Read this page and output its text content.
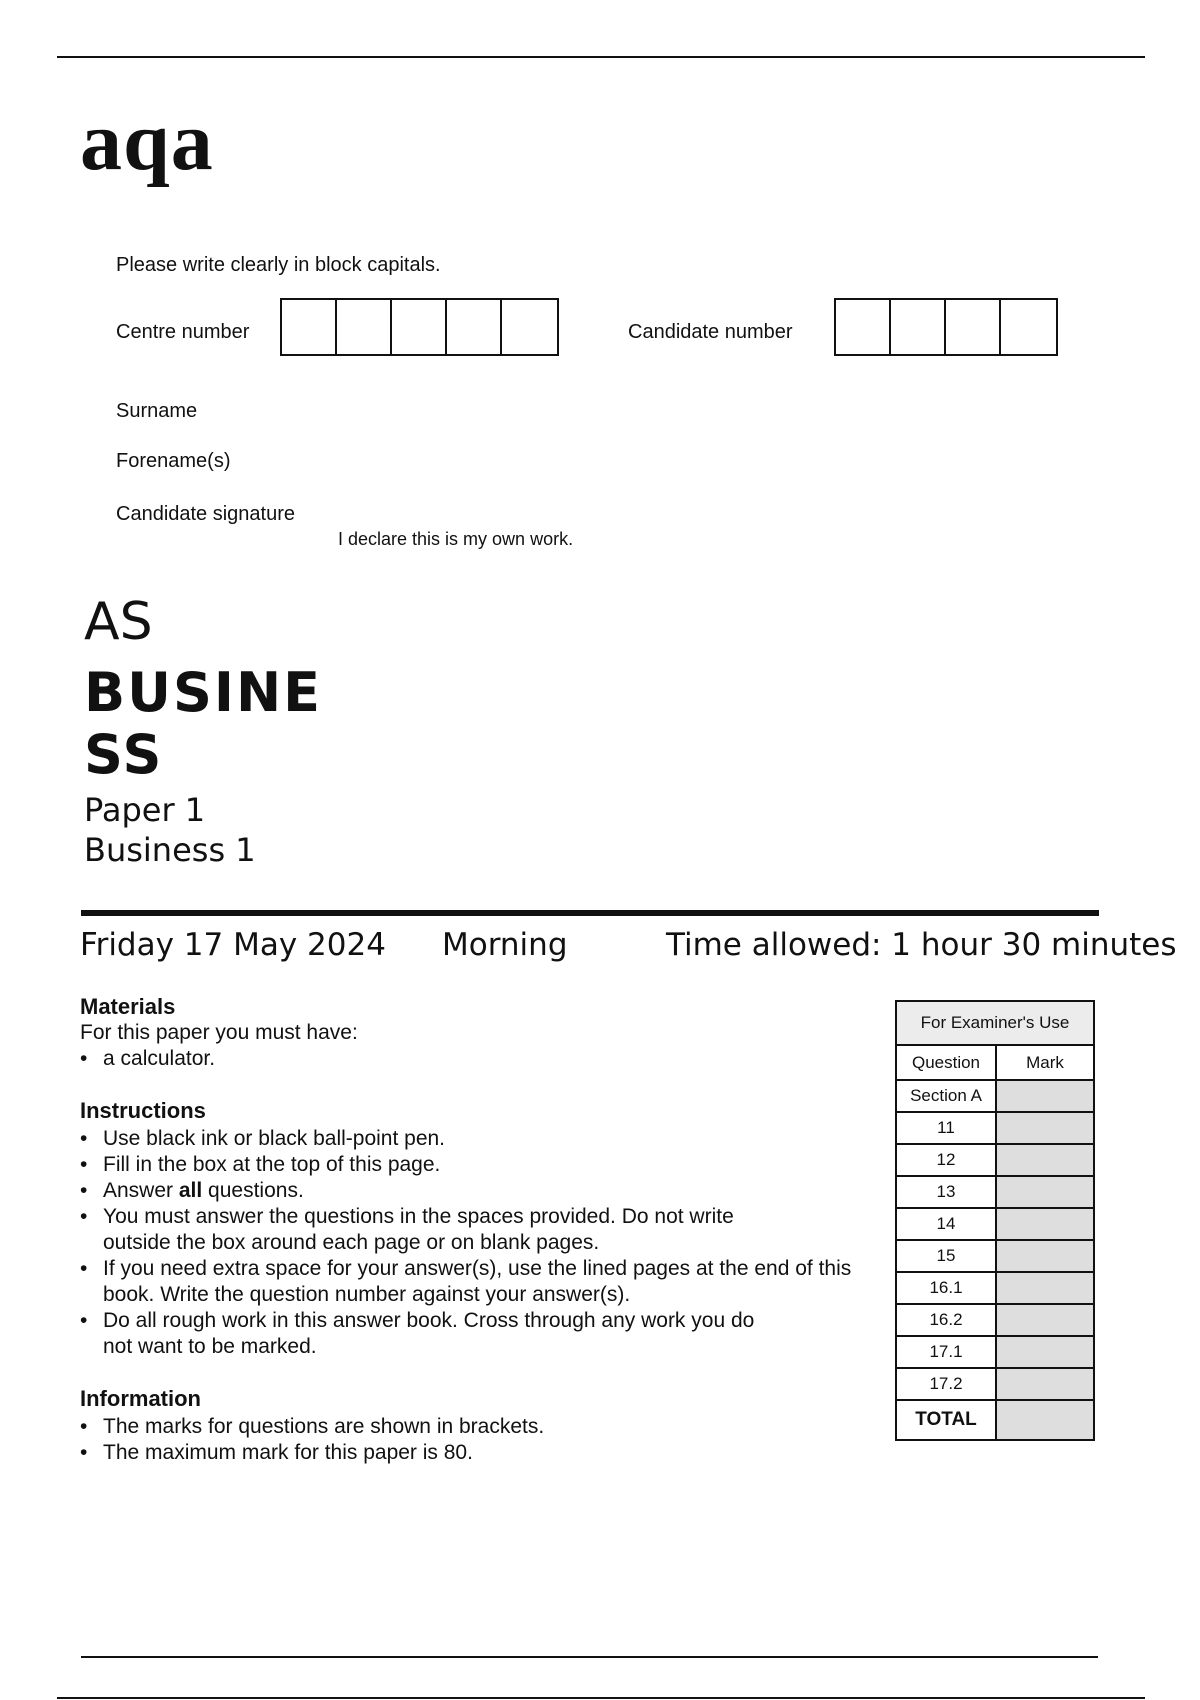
aqa
Please write clearly in block capitals.
Centre number	Candidate number
Surname
Forename(s)
Candidate signature
I declare this is my own work.
AS
BUSINESS
Paper 1
Business 1
Friday 17 May 2024 Morning	Time allowed: 1 hour 30 minutes
Materials
For this paper you must have:
• a calculator.
Instructions
• Use black ink or black ball-point pen.
• Fill in the box at the top of this page.
• Answer all questions.
• You must answer the questions in the spaces provided. Do not write outside the box around each page or on blank pages.
• If you need extra space for your answer(s), use the lined pages at the end of this book. Write the question number against your answer(s).
• Do all rough work in this answer book. Cross through any work you do not want to be marked.
Information
• The marks for questions are shown in brackets.
• The maximum mark for this paper is 80.
For Examiner's Use	
Question	Mark
Section A	
11	
12	
13	
14	
15	
16.1	
16.2	
17.1	
17.2	
TOTAL	
